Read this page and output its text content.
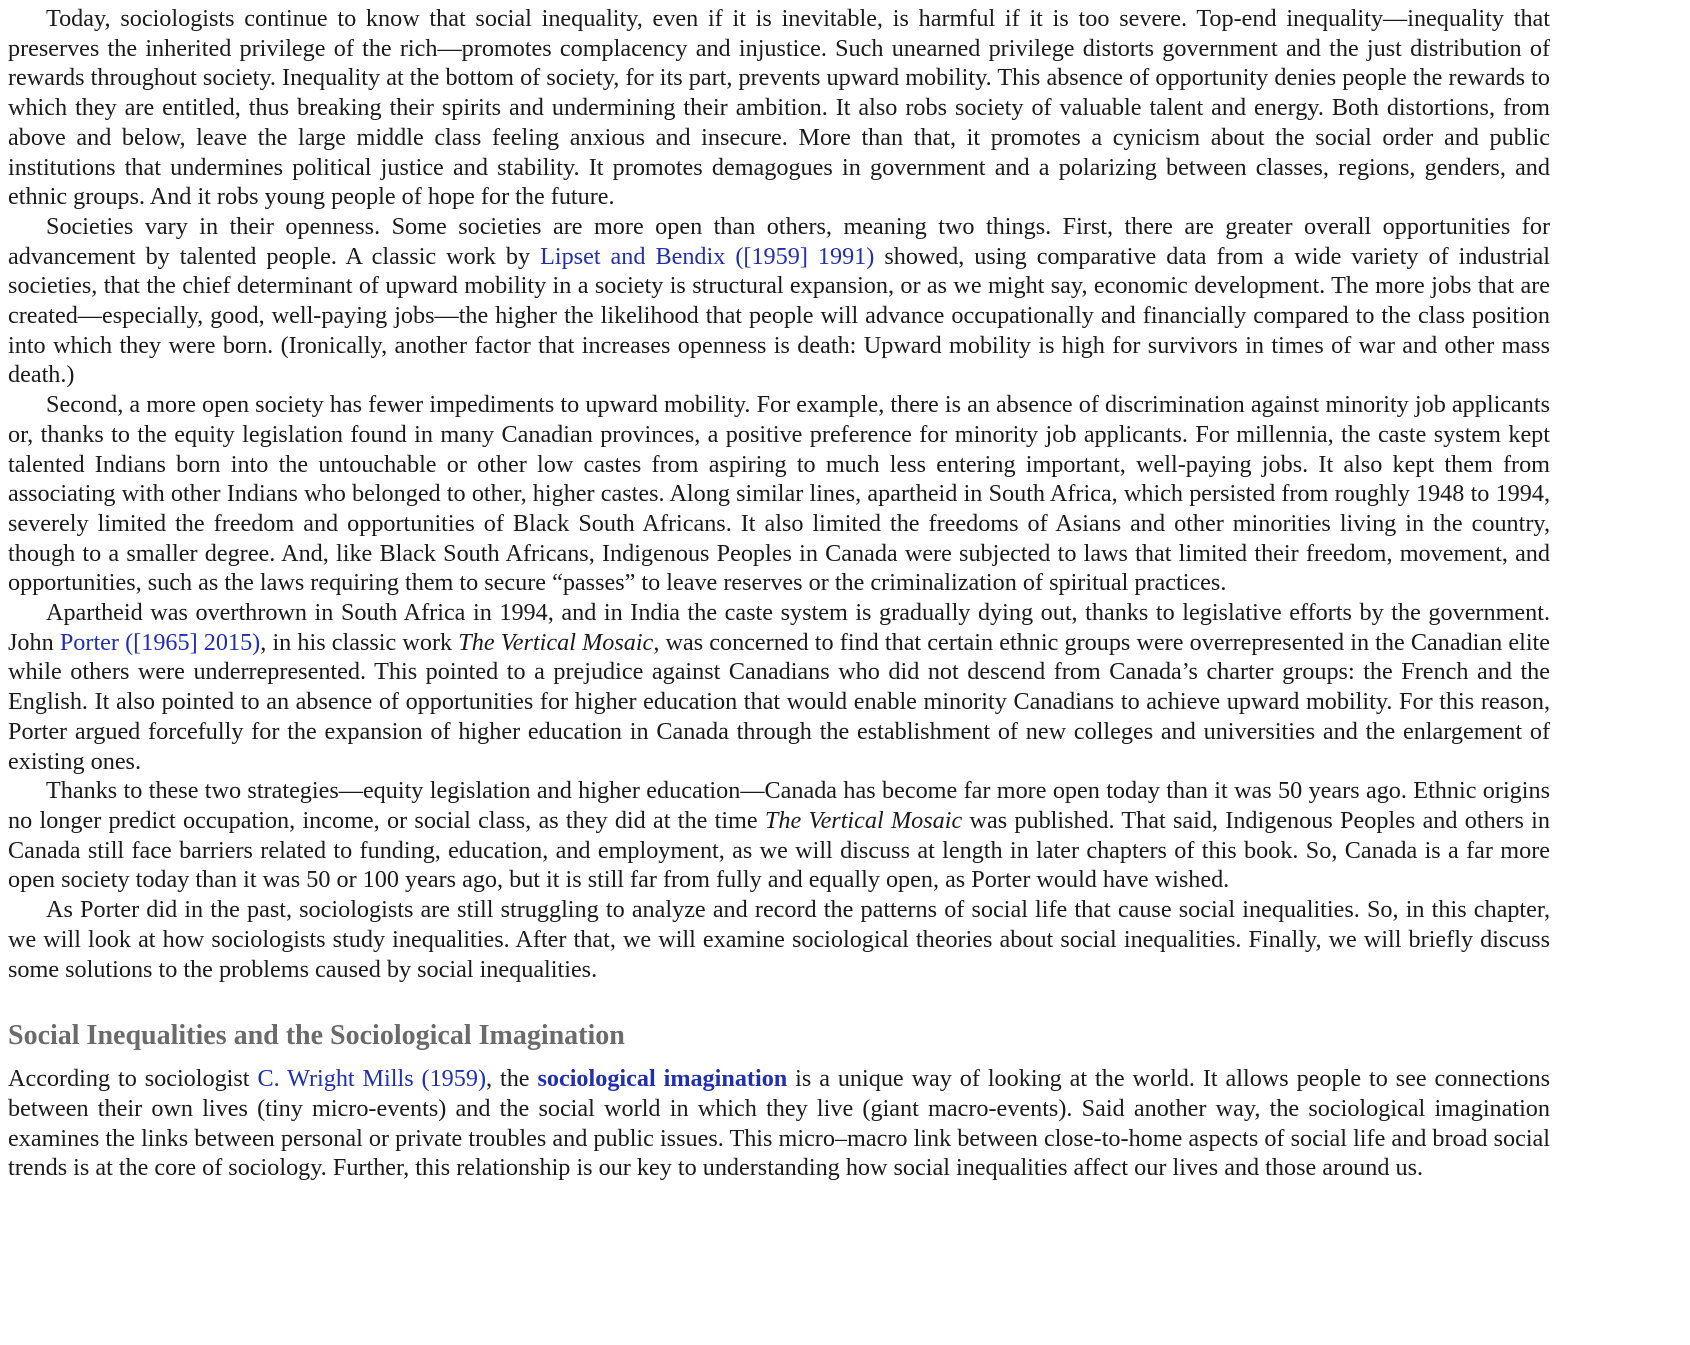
Today, sociologists continue to know that social inequality, even if it is inevitable, is harmful if it is too severe. Top-end inequality—inequality that preserves the inherited privilege of the rich—promotes complacency and injustice. Such unearned privilege distorts government and the just distribution of rewards throughout society. Inequality at the bottom of society, for its part, prevents upward mobility. This absence of opportunity denies people the rewards to which they are entitled, thus breaking their spirits and undermining their ambition. It also robs society of valuable talent and energy. Both distortions, from above and below, leave the large middle class feeling anxious and insecure. More than that, it promotes a cynicism about the social order and public institutions that undermines political justice and stability. It promotes demagogues in government and a polarizing between classes, regions, genders, and ethnic groups. And it robs young people of hope for the future.

Societies vary in their openness. Some societies are more open than others, meaning two things. First, there are greater overall opportunities for advancement by talented people. A classic work by Lipset and Bendix ([1959] 1991) showed, using comparative data from a wide variety of industrial societies, that the chief determinant of upward mobility in a society is structural expansion, or as we might say, economic development. The more jobs that are created—especially, good, well-paying jobs—the higher the likelihood that people will advance occupationally and financially compared to the class position into which they were born. (Ironically, another factor that increases openness is death: Upward mobility is high for survivors in times of war and other mass death.)

Second, a more open society has fewer impediments to upward mobility. For example, there is an absence of discrimination against minority job applicants or, thanks to the equity legislation found in many Canadian provinces, a positive preference for minority job applicants. For millennia, the caste system kept talented Indians born into the untouchable or other low castes from aspiring to much less entering important, well-paying jobs. It also kept them from associating with other Indians who belonged to other, higher castes. Along similar lines, apartheid in South Africa, which persisted from roughly 1948 to 1994, severely limited the freedom and opportunities of Black South Africans. It also limited the freedoms of Asians and other minorities living in the country, though to a smaller degree. And, like Black South Africans, Indigenous Peoples in Canada were subjected to laws that limited their freedom, movement, and opportunities, such as the laws requiring them to secure “passes” to leave reserves or the criminalization of spiritual practices.

Apartheid was overthrown in South Africa in 1994, and in India the caste system is gradually dying out, thanks to legislative efforts by the government. John Porter ([1965] 2015), in his classic work The Vertical Mosaic, was concerned to find that certain ethnic groups were overrepresented in the Canadian elite while others were underrepresented. This pointed to a prejudice against Canadians who did not descend from Canada’s charter groups: the French and the English. It also pointed to an absence of opportunities for higher education that would enable minority Canadians to achieve upward mobility. For this reason, Porter argued forcefully for the expansion of higher education in Canada through the establishment of new colleges and universities and the enlargement of existing ones.

Thanks to these two strategies—equity legislation and higher education—Canada has become far more open today than it was 50 years ago. Ethnic origins no longer predict occupation, income, or social class, as they did at the time The Vertical Mosaic was published. That said, Indigenous Peoples and others in Canada still face barriers related to funding, education, and employment, as we will discuss at length in later chapters of this book. So, Canada is a far more open society today than it was 50 or 100 years ago, but it is still far from fully and equally open, as Porter would have wished.

As Porter did in the past, sociologists are still struggling to analyze and record the patterns of social life that cause social inequalities. So, in this chapter, we will look at how sociologists study inequalities. After that, we will examine sociological theories about social inequalities. Finally, we will briefly discuss some solutions to the problems caused by social inequalities.

Social Inequalities and the Sociological Imagination

According to sociologist C. Wright Mills (1959), the sociological imagination is a unique way of looking at the world. It allows people to see connections between their own lives (tiny micro-events) and the social world in which they live (giant macro-events). Said another way, the sociological imagination examines the links between personal or private troubles and public issues. This micro–macro link between close-to-home aspects of social life and broad social trends is at the core of sociology. Further, this relationship is our key to understanding how social inequalities affect our lives and those around us.
